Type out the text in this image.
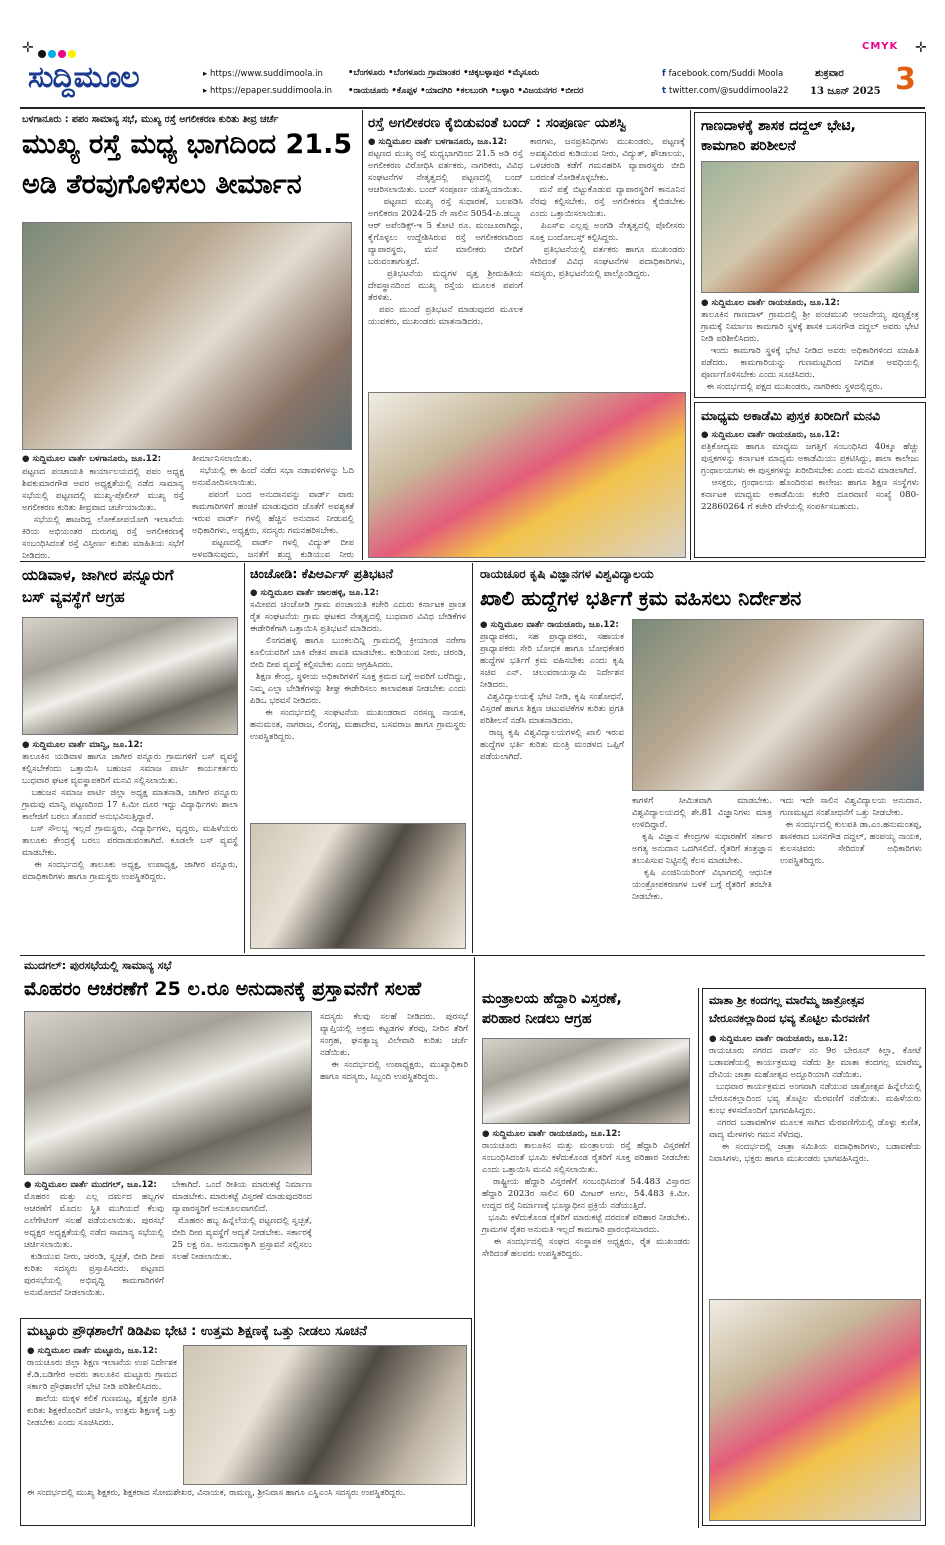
✛	CMYK ✛
ಸುದ್ದಿಮೂಲ	▸ https://www.suddimoola.in
▸ https://epaper.suddimoola.in
•ಬೆಂಗಳೂರು •ಬೆಂಗಳೂರು ಗ್ರಾಮಾಂತರ •ಚಿಕ್ಕಬಳ್ಳಾಪುರ •ಮೈಸೂರು
•ರಾಯಚೂರು •ಕೊಪ್ಪಳ •ಯಾದಗಿರಿ •ಕಲಬುರಗಿ •ಬಳ್ಳಾರಿ •ವಿಜಯನಗರ •ಬೀದರ
f facebook.com/Suddi Moola
t twitter.com/@suddimoola22
ಶುಕ್ರವಾರ
13 ಜೂನ್ 2025 3
ಬಳಗಾನೂರು : ಪಪಂ ಸಾಮಾನ್ಯ ಸಭೆ, ಮುಖ್ಯ ರಸ್ತೆ ಅಗಲೀಕರಣ ಕುರಿತು ತೀವ್ರ ಚರ್ಚೆ
ಮುಖ್ಯ ರಸ್ತೆ ಮಧ್ಯ ಭಾಗದಿಂದ 21.5
ಅಡಿ ತೆರವುಗೊಳಿಸಲು ತೀರ್ಮಾನ
● ಸುದ್ದಿಮೂಲ ವಾರ್ತೆ ಬಳಗಾನೂರು, ಜೂ.12:
ಪಟ್ಟಣದ ಪಂಚಾಯತಿ ಕಾರ್ಯಾಲಯದಲ್ಲಿ ಪಪಂ ಅಧ್ಯಕ್ಷ ಶಿವಕುಮಾರಗೌಡ ಅವರ ಅಧ್ಯಕ್ಷತೆಯಲ್ಲಿ ನಡೆದ ಸಾಮಾನ್ಯ ಸಭೆಯಲ್ಲಿ ಪಟ್ಟಣದಲ್ಲಿ ಮುಖ್ಯ-ಪೊಲೀಸ್ ಮುಖ್ಯ ರಸ್ತೆ ಅಗಲೀಕರಣ ಕುರಿತು ತೀವ್ರವಾದ ಚರ್ಚೆಯಾಯಿತು.
ಸಭೆಯಲ್ಲಿ ಹಾಜರಿದ್ದ ಲೋಕೋಪಯೋಗಿ ಇಲಾಖೆಯ ಕಿರಿಯ ಅಭಿಯಂತರ ದುರುಗಪ್ಪ ರಸ್ತೆ ಅಗಲೀಕರಣಕ್ಕೆ ಸಂಬಂಧಿಸಿದಂತೆ ರಸ್ತೆ ವಿಸ್ತೀರ್ಣ ಕುರಿತು ಮಾಹಿತಿಯ ಸಭೆಗೆ ನೀಡಿದರು.

ತೀರ್ಮಾನಿಸಲಾಯಿತು.
ಸಭೆಯಲ್ಲಿ ಈ ಹಿಂದೆ ನಡೆದ ಸಭಾ ನಡಾವಳಿಗಳನ್ನು ಓದಿ ಅನುಮೋದಿಸಲಾಯಿತು.
ಪಪಂಗೆ ಬಂದ ಅನುದಾನವನ್ನು ವಾರ್ಡ್ ವಾರು ಕಾಮಗಾರಿಗಳಿಗೆ ಹಂಚಿಕೆ ಮಾಡುವುದರ ಜೊತೆಗೆ ಅವಶ್ಯಕತೆ ಇರುವ ವಾರ್ಡ್ ಗಳಲ್ಲಿ ಹೆಚ್ಚಿನ ಅನುದಾನ ನೀಡುವಲ್ಲಿ ಅಧಿಕಾರಿಗಳು, ಅಧ್ಯಕ್ಷರು, ಸದಸ್ಯರು ಗಮನಹರಿಸಬೇಕು.
ಪಟ್ಟಣದಲ್ಲಿ ವಾರ್ಡ್ ಗಳಲ್ಲಿ ವಿದ್ಯುತ್ ದೀಪ ಅಳವಡಿಸುವುದು, ಜನತೆಗೆ ಶುದ್ಧ ಕುಡಿಯುವ ನೀರು

ರಸ್ತೆ ಅಗಲೀಕರಣ ಕೈಬಿಡುವಂತೆ ಬಂದ್ : ಸಂಪೂರ್ಣ ಯಶಸ್ವಿ
● ಸುದ್ದಿಮೂಲ ವಾರ್ತೆ ಬಳಗಾನೂರು, ಜೂ.12:
ಪಟ್ಟಣದ ಮುಖ್ಯ ರಸ್ತೆ ಮಧ್ಯಭಾಗದಿಂದ 21.5 ಅಡಿ ರಸ್ತೆ ಅಗಲೀಕರಣ ವಿರೋಧಿಸಿ ವರ್ತಕರು, ನಾಗರಿಕರು, ವಿವಿಧ ಸಂಘಟನೆಗಳ ನೇತೃತ್ವದಲ್ಲಿ ಪಟ್ಟಣದಲ್ಲಿ ಬಂದ್ ಆಚರಿಸಲಾಯಿತು. ಬಂದ್ ಸಂಪೂರ್ಣ ಯಶಸ್ವಿಯಾಯಿತು.
ಪಟ್ಟಣದ ಮುಖ್ಯ ರಸ್ತೆ ಸುಧಾರಣೆ, ಬಲಪಡಿಸಿ ಅಗಲಿಕರಣ 2024-25 ನೇ ಸಾಲಿನ 5054-ಪಿ.ಡಬ್ಲ್ಯೂ ಆರ್ ಅಪೆಂಡಿಕ್ಸ್-ಇ 5 ಕೋಟಿ ರೂ. ಮಂಜೂರಾಗಿದ್ದು, ಕೈಗೊಳ್ಳಲು ಉದ್ದೇಶಿಸಿರುವ ರಸ್ತೆ ಅಗಲೀಕರಣದಿಂದ ವ್ಯಾಪಾರಸ್ಥರು, ಮನೆ ಮಾಲೀಕರು ಬೀದಿಗೆ ಬರುವಂತಾಗುತ್ತದೆ.
ಪ್ರತಿಭಟನೆಯ ಮಧ್ಯಗಳ ವೃತ್ತ ಶ್ರೀಮಹಿತಿಯ ದೇವಸ್ಥಾನದಿಂದ ಮುಖ್ಯ ರಸ್ತೆಯ ಮೂಲಕ ಪಪಂಗೆ ತೆರಳಿತು.
ಪಪಂ ಮುಂದೆ ಪ್ರತಿಭಟನೆ ಮಾಡುವುದರ ಮೂಲಕ ಯುವಕರು, ಮುಖಂಡರು ಮಾತನಾಡಿದರು.
ಕಾರಗಳು, ಜನಪ್ರತಿನಿಧಿಗಳು ಮುಖಂಡರು, ಪಟ್ಟಣಕ್ಕೆ ಅವಶ್ಯವಿರುವ ಕುಡಿಯುವ ನೀರು, ವಿದ್ಯುತ್, ಶೌಚಾಲಯ, ಒಳಚರಂಡಿ ಕಡೆಗೆ ಗಮನಹರಿಸಿ ವ್ಯಾಪಾರಸ್ಥರು ಬೀದಿ ಬರದಂತೆ ನೋಡಿಕೊಳ್ಳಬೇಕು.
ಮನೆ ಪತ್ತೆ ಬಿಟ್ಟುಕೊಡುವ ವ್ಯಾಪಾರಸ್ಥರಿಗೆ ಕಾನೂನಿನ ನೆರವು ಕಲ್ಪಿಸಬೇಕು. ರಸ್ತೆ ಅಗಲೀಕರಣ ಕೈಬಿಡಬೇಕು ಎಂದು ಒತ್ತಾಯಿಸಲಾಯಿತು.
ಪಿಎಸ್ಐ ಎಲ್ಲಪ್ಪ ಅಂಗಡಿ ನೇತೃತ್ವದಲ್ಲಿ ಪೊಲೀಸರು ಸೂಕ್ತ ಬಂದೋಬಸ್ತ್ ಕಲ್ಪಿಸಿದ್ದರು.
ಪ್ರತಿಭಟನೆಯಲ್ಲಿ ವರ್ತಕರು ಹಾಗೂ ಮುಖಂಡರು ಸೇರಿದಂತೆ ವಿವಿಧ ಸಂಘಟನೆಗಳ ಪದಾಧಿಕಾರಿಗಳು, ಸದಸ್ಯರು, ಪ್ರತಿಭಟನೆಯಲ್ಲಿ ಪಾಲ್ಗೊಂಡಿದ್ದರು.
ಗಾಣದಾಳಕ್ಕೆ ಶಾಸಕ ದದ್ದಲ್ ಭೇಟಿ,
ಕಾಮಗಾರಿ ಪರಿಶೀಲನೆ
● ಸುದ್ದಿಮೂಲ ವಾರ್ತೆ ರಾಯಚೂರು, ಜೂ.12:
ತಾಲೂಕಿನ ಗಾಣದಾಳ್ ಗ್ರಾಮದಲ್ಲಿ ಶ್ರೀ ಪಂಚಮುಖಿ ಆಂಜನೇಯ್ಯ ಪುಣ್ಯಕ್ಷೇತ್ರ ಗ್ರಾಮಕ್ಕೆ ನಿರ್ಮಾಣ ಕಾಮಗಾರಿ ಸ್ಥಳಕ್ಕೆ ಶಾಸಕ ಬಸನಗೌಡ ದದ್ದಲ್ ಅವರು ಭೇಟಿ ನೀಡಿ ಪರಿಶೀಲಿಸಿದರು.
ಇಂದು ಕಾಮಗಾರಿ ಸ್ಥಳಕ್ಕೆ ಭೇಟಿ ನೀಡಿದ ಅವರು ಅಧಿಕಾರಿಗಳಿಂದ ಮಾಹಿತಿ ಪಡೆದರು. ಕಾಮಗಾರಿಯನ್ನು ಗುಣಮಟ್ಟದಿಂದ ನಿಗದಿತ ಅವಧಿಯಲ್ಲಿ ಪೂರ್ಣಗೊಳಿಸಬೇಕು ಎಂದು ಸೂಚಿಸಿದರು.
ಈ ಸಂದರ್ಭದಲ್ಲಿ ಪಕ್ಷದ ಮುಖಂಡರು, ನಾಗರಿಕರು ಸ್ಥಳದಲ್ಲಿದ್ದರು.
ಮಾಧ್ಯಮ ಅಕಾಡೆಮಿ ಪುಸ್ತಕ ಖರೀದಿಗೆ ಮನವಿ
● ಸುದ್ದಿಮೂಲ ವಾರ್ತೆ ರಾಯಚೂರು, ಜೂ.12:
ಪತ್ರಿಕೋದ್ಯಮ ಹಾಗೂ ಮಾಧ್ಯಮ ಜಗತ್ತಿಗೆ ಸಂಬಂಧಿಸಿದ 40ಕ್ಕೂ ಹೆಚ್ಚು ಪುಸ್ತಕಗಳನ್ನು ಕರ್ನಾಟಕ ಮಾಧ್ಯಮ ಅಕಾಡೆಮಿಯು ಪ್ರಕಟಿಸಿದ್ದು, ಶಾಲಾ ಕಾಲೇಜು ಗ್ರಂಥಾಲಯಗಳು ಈ ಪುಸ್ತಕಗಳನ್ನು ಖರೀದಿಸಬೇಕು ಎಂದು ಮನವಿ ಮಾಡಲಾಗಿದೆ.
ಆಸಕ್ತರು, ಗ್ರಂಥಾಲಯ ಹೊಂದಿರುವ ಕಾಲೇಜು ಹಾಗೂ ಶಿಕ್ಷಣ ಸಂಸ್ಥೆಗಳು ಕರ್ನಾಟಕ ಮಾಧ್ಯಮ ಅಕಾಡೆಮಿಯ ಕಚೇರಿ ದೂರವಾಣಿ ಸಂಖ್ಯೆ 080-22860264 ಗೆ ಕಚೇರಿ ವೇಳೆಯಲ್ಲಿ ಸಂಪರ್ಕಿಸಬಹುದು.
ಯಡಿವಾಳ, ಜಾಗೀರ ಪನ್ನೂರುಗೆ
ಬಸ್ ವ್ಯವಸ್ಥೆಗೆ ಆಗ್ರಹ
● ಸುದ್ದಿಮೂಲ ವಾರ್ತೆ ಮಾನ್ವಿ, ಜೂ.12:
ತಾಲೂಕಿನ ಯಡಿವಾಳ ಹಾಗೂ ಜಾಗೀರ ಪನ್ನೂರು ಗ್ರಾಮಗಳಿಗೆ ಬಸ್ ವ್ಯವಸ್ಥೆ ಕಲ್ಪಿಸಬೇಕೆಂದು ಒತ್ತಾಯಿಸಿ ಬಹುಜನ ಸಮಾಜ ಪಾರ್ಟಿ ಕಾರ್ಯಕರ್ತರು ಬುಧವಾರ ಘಟಕ ವ್ಯವಸ್ಥಾಪಕರಿಗೆ ಮನವಿ ಸಲ್ಲಿಸಲಾಯಿತು.
ಬಹುಜನ ಸಮಾಜ ಪಾರ್ಟಿ ಜಿಲ್ಲಾ ಅಧ್ಯಕ್ಷ ಮಾತನಾಡಿ, ಜಾಗೀರ ಪನ್ನೂರು ಗ್ರಾಮವು ಮಾನ್ವಿ ಪಟ್ಟಣದಿಂದ 17 ಕಿ.ಮೀ ದೂರ ಇದ್ದು ವಿದ್ಯಾರ್ಥಿಗಳು ಶಾಲಾ ಕಾಲೇಜಿಗೆ ಬರಲು ತೊಂದರೆ ಅನುಭವಿಸುತ್ತಿದ್ದಾರೆ.
ಬಸ್ ಸೌಲಭ್ಯ ಇಲ್ಲದೆ ಗ್ರಾಮಸ್ಥರು, ವಿದ್ಯಾರ್ಥಿಗಳು, ವೃದ್ಧರು, ಮಹಿಳೆಯರು ತಾಲೂಕು ಕೇಂದ್ರಕ್ಕೆ ಬರಲು ಪರದಾಡುವಂತಾಗಿದೆ. ಕೂಡಲೇ ಬಸ್ ವ್ಯವಸ್ಥೆ ಮಾಡಬೇಕು.
ಈ ಸಂದರ್ಭದಲ್ಲಿ ತಾಲೂಕು ಅಧ್ಯಕ್ಷ, ಉಪಾಧ್ಯಕ್ಷ, ಜಾಗೀರ ಪನ್ನೂರು, ಪದಾಧಿಕಾರಿಗಳು ಹಾಗೂ ಗ್ರಾಮಸ್ಥರು ಉಪಸ್ಥಿತರಿದ್ದರು.
ಚಿಂಚೋಡಿ: ಕೆಪಿಆರ್ಎಸ್ ಪ್ರತಿಭಟನೆ
● ಸುದ್ದಿಮೂಲ ವಾರ್ತೆ ಜಾಲಹಳ್ಳಿ, ಜೂ.12:
ಸಮೀಪದ ಚಿಂಚೋಡಿ ಗ್ರಾಮ ಪಂಚಾಯತಿ ಕಚೇರಿ ಎದುರು ಕರ್ನಾಟಕ ಪ್ರಾಂತ ರೈತ ಸಂಘಟನೆಯ ಗ್ರಾಮ ಘಟಕದ ನೇತೃತ್ವದಲ್ಲಿ ಬುಧವಾರ ವಿವಿಧ ಬೇಡಿಕೆಗಳ ಈಡೇರಿಕೆಗಾಗಿ ಒತ್ತಾಯಿಸಿ ಪ್ರತಿಭಟನೆ ಮಾಡಿದರು.
ಲಿಂಗದಹಳ್ಳಿ ಹಾಗೂ ಬುಂಕಲದಿನ್ನಿ ಗ್ರಾಮದಲ್ಲಿ ಕ್ರೀಯಾಂಡ ನರೇಗಾ ಕೂಲಿಯವರಿಗೆ ಬಾಕಿ ವೇತನ ಪಾವತಿ ಮಾಡಬೇಕು. ಕುಡಿಯುವ ನೀರು, ಚರಂಡಿ, ಬೀದಿ ದೀಪ ವ್ಯವಸ್ಥೆ ಕಲ್ಪಿಸಬೇಕು ಎಂದು ಆಗ್ರಹಿಸಿದರು.
ಶಿಕ್ಷಣ ಕೇಂದ್ರ, ಸ್ಥಳೀಯ ಅಧಿಕಾರಿಗಳಿಗೆ ಸೂಕ್ತ ಕ್ರಮದ ಬಗ್ಗೆ ಅವರಿಗೆ ಬರೆದಿದ್ದು, ನಿಮ್ಮ ಎಲ್ಲಾ ಬೇಡಿಕೆಗಳನ್ನು ಶೀಘ್ರ ಈಡೇರಿಸಲು ಕಾಲಾವಕಾಶ ನೀಡಬೇಕು ಎಂದು ಪಿಡಿಒ ಭರವಸೆ ನೀಡಿದರು.
ಈ ಸಂದರ್ಭದಲ್ಲಿ ಸಂಘಟನೆಯ ಮುಖಂಡರಾದ ನರಸಣ್ಣ ನಾಯಕ, ಹನುಮಂತ, ನಾಗರಾಜ, ಲಿಂಗಪ್ಪ, ಮಹಾದೇವ, ಬಸವರಾಜ ಹಾಗೂ ಗ್ರಾಮಸ್ಥರು ಉಪಸ್ಥಿತರಿದ್ದರು.
ರಾಯಚೂರ ಕೃಷಿ ವಿಜ್ಞಾನಗಳ ವಿಶ್ವವಿದ್ಯಾಲಯ
ಖಾಲಿ ಹುದ್ದೆಗಳ ಭರ್ತಿಗೆ ಕ್ರಮ ವಹಿಸಲು ನಿರ್ದೇಶನ
● ಸುದ್ದಿಮೂಲ ವಾರ್ತೆ ರಾಯಚೂರು, ಜೂ.12:
ಪ್ರಾಧ್ಯಾಪಕರು, ಸಹ ಪ್ರಾಧ್ಯಾಪಕರು, ಸಹಾಯಕ ಪ್ರಾಧ್ಯಾಪಕರು ಸೇರಿ ಬೋಧಕ ಹಾಗೂ ಬೋಧಕೇತರ ಹುದ್ದೆಗಳ ಭರ್ತಿಗೆ ಕ್ರಮ ವಹಿಸಬೇಕು ಎಂದು ಕೃಷಿ ಸಚಿವ ಎನ್. ಚಲುವರಾಯಸ್ವಾಮಿ ನಿರ್ದೇಶನ ನೀಡಿದರು.
ವಿಶ್ವವಿದ್ಯಾಲಯಕ್ಕೆ ಭೇಟಿ ನೀಡಿ, ಕೃಷಿ ಸಂಶೋಧನೆ, ವಿಸ್ತರಣೆ ಹಾಗೂ ಶಿಕ್ಷಣ ಚಟುವಟಿಕೆಗಳ ಕುರಿತು ಪ್ರಗತಿ ಪರಿಶೀಲನೆ ನಡೆಸಿ ಮಾತನಾಡಿದರು.
ರಾಜ್ಯ ಕೃಷಿ ವಿಶ್ವವಿದ್ಯಾಲಯಗಳಲ್ಲಿ ಖಾಲಿ ಇರುವ ಹುದ್ದೆಗಳ ಭರ್ತಿ ಕುರಿತು ಮಂತ್ರಿ ಮಂಡಳದ ಒಪ್ಪಿಗೆ ಪಡೆಯಲಾಗಿದೆ.
ಕಾಗಳಿಗೆ ಸೀಮಿತವಾಗಿ ಮಾಡಬೇಕು. ವಿಶ್ವವಿದ್ಯಾಲಯದಲ್ಲಿ ಶೇ.81 ವಿಜ್ಞಾನಿಗಳು ಮಾತ್ರ ಉಳಿದಿದ್ದಾರೆ.
ಕೃಷಿ ವಿಜ್ಞಾನ ಕೇಂದ್ರಗಳ ಸುಧಾರಣೆಗೆ ಸರ್ಕಾರ ಅಗತ್ಯ ಅನುದಾನ ಒದಗಿಸಲಿದೆ. ರೈತರಿಗೆ ತಂತ್ರಜ್ಞಾನ ತಲುಪಿಸುವ ನಿಟ್ಟಿನಲ್ಲಿ ಕೆಲಸ ಮಾಡಬೇಕು.
ಕೃಷಿ ಎಂಜಿನಿಯರಿಂಗ್ ವಿಭಾಗದಲ್ಲಿ ಆಧುನಿಕ ಯಂತ್ರೋಪಕರಣಗಳ ಬಳಕೆ ಬಗ್ಗೆ ರೈತರಿಗೆ ತರಬೇತಿ ನೀಡಬೇಕು.
ಇದು ಇದೇ ಸಾಲಿನ ವಿಶ್ವವಿದ್ಯಾಲಯ ಅನುದಾನ. ಗುಣಮಟ್ಟದ ಸಂಶೋಧನೆಗೆ ಒತ್ತು ನೀಡಬೇಕು.
ಈ ಸಂದರ್ಭದಲ್ಲಿ ಕುಲಪತಿ ಡಾ.ಎಂ.ಹನುಮಂತಪ್ಪ, ಶಾಸಕರಾದ ಬಸನಗೌಡ ದದ್ದಲ್, ಹಂಪಯ್ಯ ನಾಯಕ, ಕುಲಸಚಿವರು ಸೇರಿದಂತೆ ಅಧಿಕಾರಿಗಳು ಉಪಸ್ಥಿತರಿದ್ದರು.
ಮುದಗಲ್: ಪುರಸಭೆಯಲ್ಲಿ ಸಾಮಾನ್ಯ ಸಭೆ
ಮೊಹರಂ ಆಚರಣೆಗೆ 25 ಲ.ರೂ ಅನುದಾನಕ್ಕೆ ಪ್ರಸ್ತಾವನೆಗೆ ಸಲಹೆ
ಸದಸ್ಯರು ಕೆಲವು ಸಲಹೆ ನೀಡಿದರು. ಪುರಸಭೆ ವ್ಯಾಪ್ತಿಯಲ್ಲಿ ಅಕ್ರಮ ಕಟ್ಟಡಗಳ ತೆರವು, ನೀರಿನ ತೆರಿಗೆ ಸಂಗ್ರಹ, ಘನತ್ಯಾಜ್ಯ ವಿಲೇವಾರಿ ಕುರಿತು ಚರ್ಚೆ ನಡೆಯಿತು.
ಈ ಸಂದರ್ಭದಲ್ಲಿ ಉಪಾಧ್ಯಕ್ಷರು, ಮುಖ್ಯಾಧಿಕಾರಿ ಹಾಗೂ ಸದಸ್ಯರು, ಸಿಬ್ಬಂದಿ ಉಪಸ್ಥಿತರಿದ್ದರು.
● ಸುದ್ದಿಮೂಲ ವಾರ್ತೆ ಮುದಗಲ್, ಜೂ.12:
ಮೊಹರಂ ಮತ್ತು ಎಲ್ಲ ದರ್ಮದ ಹಬ್ಬಗಳ ಆಚರಣೆಗೆ ಮೊದಲ ಸ್ಥಿತಿ ಮುಗಿಯದೆ ಕೆಲವು ಎಲೆಗೇಟಿಂಗ್ ಸಲಹೆ ಪಡೆಯಲಾಯಿತು. ಪುರಸಭೆ ಅಧ್ಯಕ್ಷರ ಅಧ್ಯಕ್ಷತೆಯಲ್ಲಿ ನಡೆದ ಸಾಮಾನ್ಯ ಸಭೆಯಲ್ಲಿ ಚರ್ಚಿಸಲಾಯಿತು.
ಕುಡಿಯುವ ನೀರು, ಚರಂಡಿ, ಸ್ವಚ್ಛತೆ, ಬೀದಿ ದೀಪ ಕುರಿತು ಸದಸ್ಯರು ಪ್ರಸ್ತಾಪಿಸಿದರು. ಪಟ್ಟಣದ ಪುರಸಭೆಯಲ್ಲಿ ಅಭಿವೃದ್ಧಿ ಕಾಮಗಾರಿಗಳಿಗೆ ಅನುಮೋದನೆ ನೀಡಲಾಯಿತು.
ಬೇಕಾಗಿದೆ. ಒಂದೆ ರೀತಿಯ ಮಾರುಕಟ್ಟೆ ನಿರ್ಮಾಣ ಮಾಡಬೇಕು. ಮಾರುಕಟ್ಟೆ ವಿಸ್ತರಣೆ ಮಾಡುವುದರಿಂದ ವ್ಯಾಪಾರಸ್ಥರಿಗೆ ಅನುಕೂಲವಾಗಲಿದೆ.
ಮೊಹರಂ ಹಬ್ಬ ಹಿನ್ನೆಲೆಯಲ್ಲಿ ಪಟ್ಟಣದಲ್ಲಿ ಸ್ವಚ್ಛತೆ, ಬೀದಿ ದೀಪ ವ್ಯವಸ್ಥೆಗೆ ಆದ್ಯತೆ ನೀಡಬೇಕು. ಸರ್ಕಾರಕ್ಕೆ 25 ಲಕ್ಷ ರೂ. ಅನುದಾನಕ್ಕಾಗಿ ಪ್ರಸ್ತಾವನೆ ಸಲ್ಲಿಸಲು ಸಲಹೆ ನೀಡಲಾಯಿತು.
ಮಟ್ಟೂರು ಪ್ರೌಢಶಾಲೆಗೆ ಡಿಡಿಪಿಐ ಭೇಟಿ : ಉತ್ತಮ ಶಿಕ್ಷಣಕ್ಕೆ ಒತ್ತು ನೀಡಲು ಸೂಚನೆ
● ಸುದ್ದಿಮೂಲ ವಾರ್ತೆ ಮಟ್ಟೂರು, ಜೂ.12:
ರಾಯಚೂರು ಜಿಲ್ಲಾ ಶಿಕ್ಷಣ ಇಲಾಖೆಯ ಉಪ ನಿರ್ದೇಶಕ ಕೆ.ಡಿ.ಬಡಿಗೇರ ಅವರು ತಾಲೂಕಿನ ಮಟ್ಟೂರು ಗ್ರಾಮದ ಸರ್ಕಾರಿ ಪ್ರೌಢಶಾಲೆಗೆ ಭೇಟಿ ನೀಡಿ ಪರಿಶೀಲಿಸಿದರು.
ಶಾಲೆಯ ಮಕ್ಕಳ ಕಲಿಕೆ ಗುಣಮಟ್ಟ, ಶೈಕ್ಷಣಿಕ ಪ್ರಗತಿ ಕುರಿತು ಶಿಕ್ಷಕರೊಂದಿಗೆ ಚರ್ಚಿಸಿ, ಉತ್ತಮ ಶಿಕ್ಷಣಕ್ಕೆ ಒತ್ತು ನೀಡಬೇಕು ಎಂದು ಸೂಚಿಸಿದರು.
ಈ ಸಂದರ್ಭದಲ್ಲಿ ಮುಖ್ಯ ಶಿಕ್ಷಕರು, ಶಿಕ್ಷಕರಾದ ಸೋಮಶೇಖರ, ವಿನಾಯಕ, ರಾಮಣ್ಣ, ಶ್ರೀನಿವಾಸ ಹಾಗೂ ಎಸ್ಡಿಎಂಸಿ ಸದಸ್ಯರು ಉಪಸ್ಥಿತರಿದ್ದರು.
ಮಂತ್ರಾಲಯ ಹೆದ್ದಾರಿ ವಿಸ್ತರಣೆ,
ಪರಿಹಾರ ನೀಡಲು ಆಗ್ರಹ
● ಸುದ್ದಿಮೂಲ ವಾರ್ತೆ ರಾಯಚೂರು, ಜೂ.12:
ರಾಯಚೂರು ತಾಲೂಕಿನ ಮತ್ತು ಮಂತ್ರಾಲಯ ರಸ್ತೆ ಹೆದ್ದಾರಿ ವಿಸ್ತರಣೆಗೆ ಸಂಬಂಧಿಸಿದಂತೆ ಭೂಮಿ ಕಳೆದುಕೊಂಡ ರೈತರಿಗೆ ಸೂಕ್ತ ಪರಿಹಾರ ನೀಡಬೇಕು ಎಂದು ಒತ್ತಾಯಿಸಿ ಮನವಿ ಸಲ್ಲಿಸಲಾಯಿತು.
ರಾಷ್ಟ್ರೀಯ ಹೆದ್ದಾರಿ ವಿಸ್ತರಣೆಗೆ ಸಂಬಂಧಿಸಿದಂತೆ 54.483 ವಿಸ್ತಾರದ ಹೆದ್ದಾರಿ 2023ರ ಸಾಲಿನ 60 ಮೀಟರ್ ಅಗಲ, 54.483 ಕಿ.ಮೀ. ಉದ್ದದ ರಸ್ತೆ ನಿರ್ಮಾಣಕ್ಕೆ ಭೂಸ್ವಾಧೀನ ಪ್ರಕ್ರಿಯೆ ನಡೆಯುತ್ತಿದೆ.
ಭೂಮಿ ಕಳೆದುಕೊಂಡ ರೈತರಿಗೆ ಮಾರುಕಟ್ಟೆ ದರದಂತೆ ಪರಿಹಾರ ನೀಡಬೇಕು. ಗ್ರಾಮಗಳ ರೈತರ ಅನುಮತಿ ಇಲ್ಲದೆ ಕಾಮಗಾರಿ ಪ್ರಾರಂಭಿಸಬಾರದು.
ಈ ಸಂದರ್ಭದಲ್ಲಿ ಸಂಘದ ಸಂಸ್ಥಾಪಕ ಅಧ್ಯಕ್ಷರು, ರೈತ ಮುಖಂಡರು ಸೇರಿದಂತೆ ಹಲವರು ಉಪಸ್ಥಿತರಿದ್ದರು.
ಮಾತಾ ಶ್ರೀ ಕಂದಗಲ್ಲ ಮಾರೆಮ್ಮ ಜಾತ್ರೋತ್ಸವ
ಬೇರೂನಕಲ್ಲಾದಿಂದ ಭವ್ಯ ತೊಟ್ಟಿಲ ಮೆರವಣಿಗೆ
● ಸುದ್ದಿಮೂಲ ವಾರ್ತೆ ರಾಯಚೂರು, ಜೂ.12:
ರಾಯಚೂರು ನಗರದ ವಾರ್ಡ್ ನಂ 9ರ ಬೇರೂನ್ ಕಿಲ್ಲಾ, ಕೋಟೆ ಬಡಾವಣೆಯಲ್ಲಿ ಕಾರ್ಯಕ್ರಮವು ನಡೆದು ಶ್ರೀ ಮಾತಾ ಕಂದಗಲ್ಲ ಮಾರೆಮ್ಮ ದೇವಿಯ ಜಾತ್ರಾ ಮಹೋತ್ಸವ ಅದ್ದೂರಿಯಾಗಿ ನಡೆಯಿತು.
ಬುಧವಾರ ಕಾರ್ಯಕ್ರಮದ ಅಂಗವಾಗಿ ನಡೆಯುವ ಜಾತ್ರೋತ್ಸವ ಹಿನ್ನೆಲೆಯಲ್ಲಿ ಬೇರೂನಕಲ್ಲಾದಿಂದ ಭವ್ಯ ತೊಟ್ಟಿಲ ಮೆರವಣಿಗೆ ನಡೆಯಿತು. ಮಹಿಳೆಯರು ಕುಂಭ ಕಳಸದೊಂದಿಗೆ ಭಾಗವಹಿಸಿದ್ದರು.
ನಗರದ ಬಡಾವಣೆಗಳ ಮೂಲಕ ಸಾಗಿದ ಮೆರವಣಿಗೆಯಲ್ಲಿ ಡೊಳ್ಳು ಕುಣಿತ, ವಾದ್ಯ ಮೇಳಗಳು ಗಮನ ಸೆಳೆದವು.
ಈ ಸಂದರ್ಭದಲ್ಲಿ ಜಾತ್ರಾ ಸಮಿತಿಯ ಪದಾಧಿಕಾರಿಗಳು, ಬಡಾವಣೆಯ ನಿವಾಸಿಗಳು, ಭಕ್ತರು ಹಾಗೂ ಮುಖಂಡರು ಭಾಗವಹಿಸಿದ್ದರು.
